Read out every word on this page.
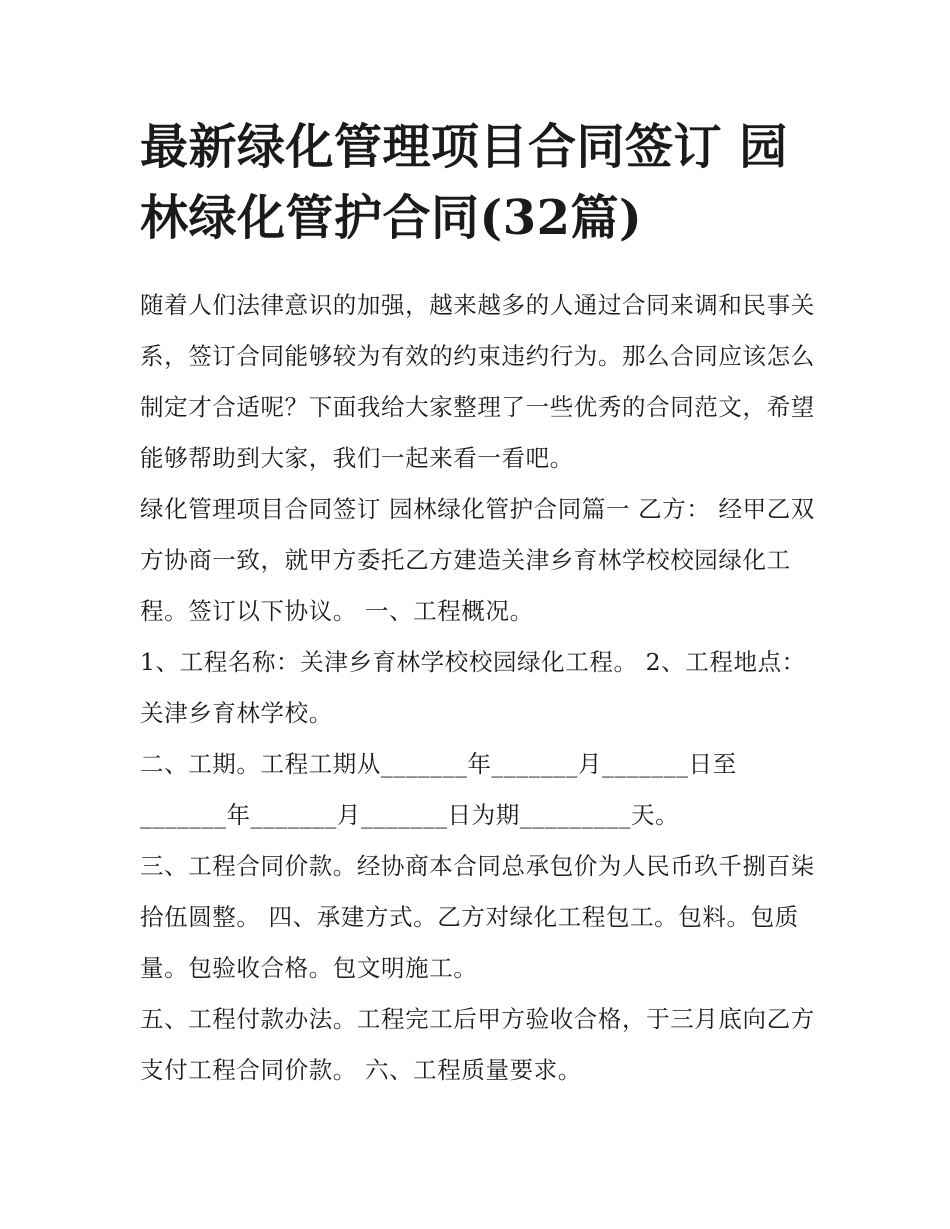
最新绿化管理项目合同签订 园林绿化管护合同(32篇)

随着人们法律意识的加强，越来越多的人通过合同来调和民事关系，签订合同能够较为有效的约束违约行为。那么合同应该怎么制定才合适呢？下面我给大家整理了一些优秀的合同范文，希望能够帮助到大家，我们一起来看一看吧。

绿化管理项目合同签订 园林绿化管护合同篇一 乙方： 经甲乙双方协商一致，就甲方委托乙方建造关津乡育林学校校园绿化工程。签订以下协议。 一、工程概况。

1、工程名称：关津乡育林学校校园绿化工程。 2、工程地点：关津乡育林学校。

二、工期。工程工期从_______年_______月_______日至_______年_______月_______日为期_________天。

三、工程合同价款。经协商本合同总承包价为人民币玖千捌百柒拾伍圆整。 四、承建方式。乙方对绿化工程包工。包料。包质量。包验收合格。包文明施工。

五、工程付款办法。工程完工后甲方验收合格，于三月底向乙方支付工程合同价款。 六、工程质量要求。
